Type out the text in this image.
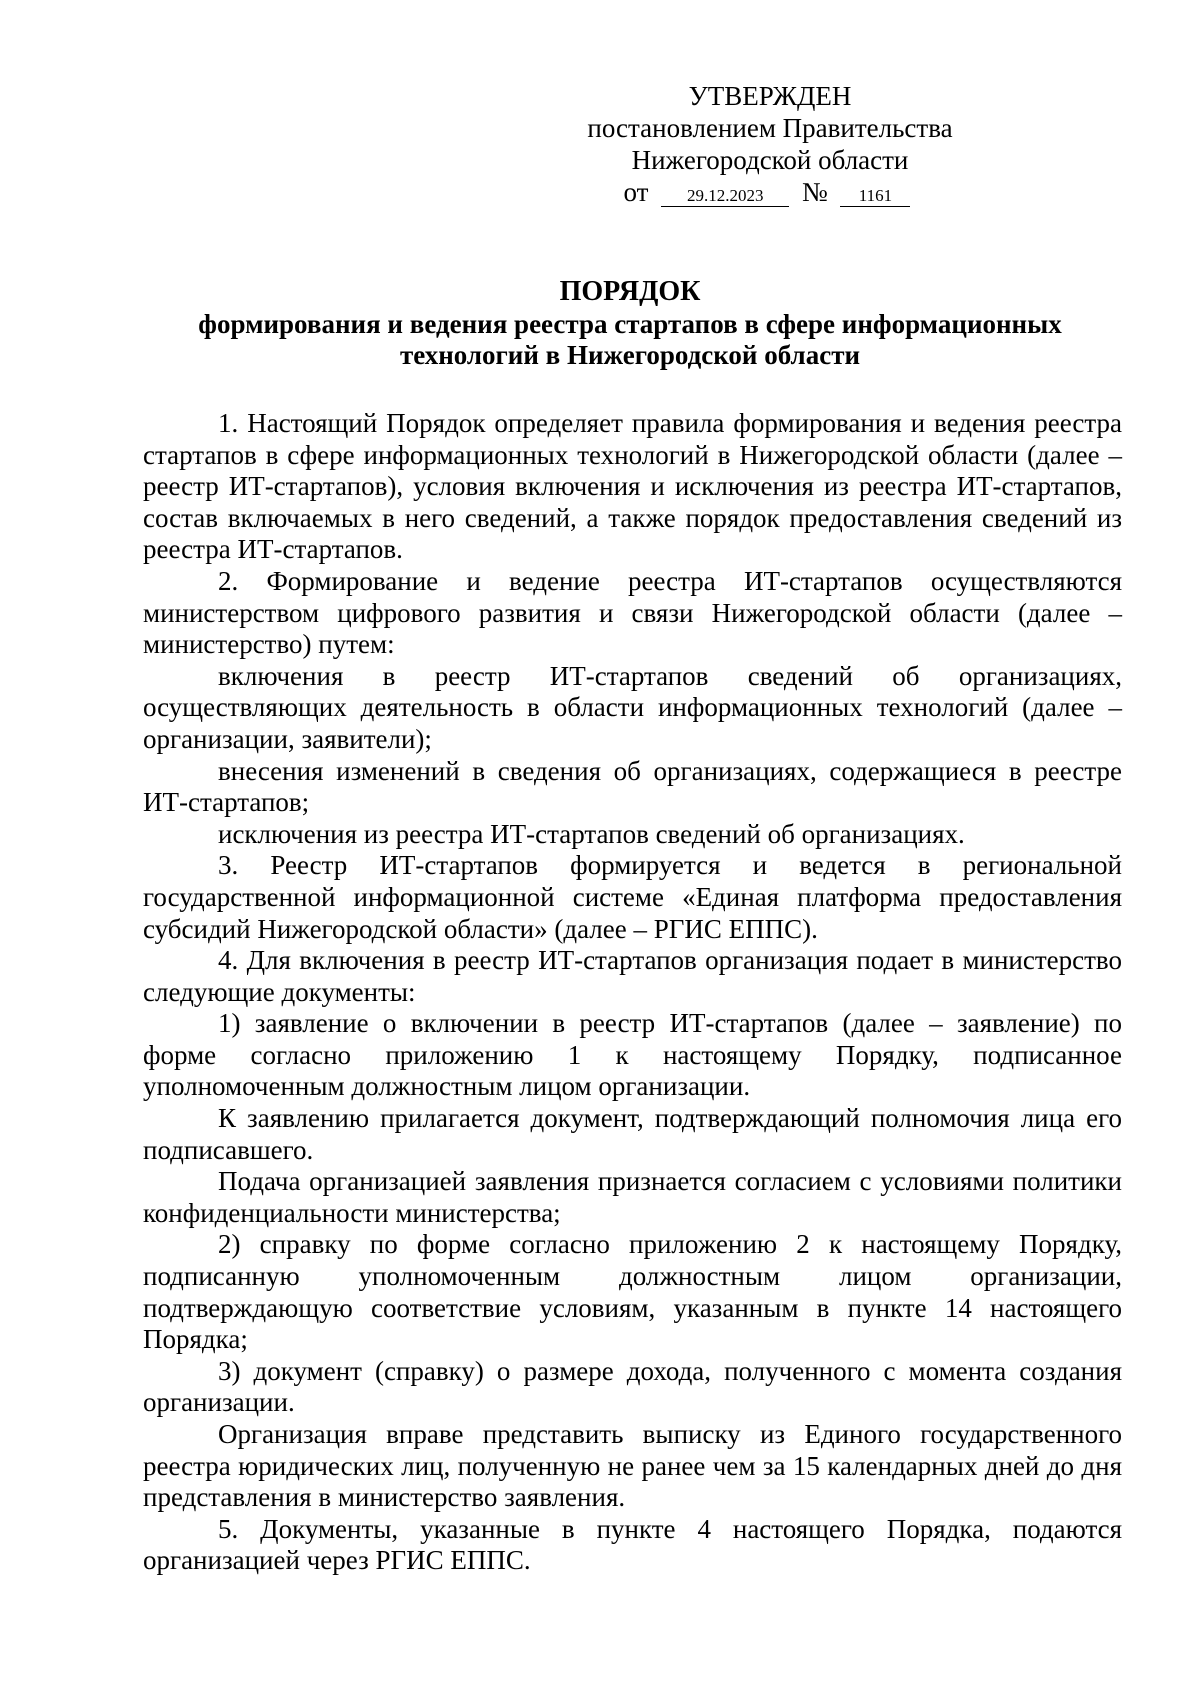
УТВЕРЖДЕН
постановлением Правительства
Нижегородской области
от 29.12.2023 № 1161
ПОРЯДОК
формирования и ведения реестра стартапов в сфере информационных технологий в Нижегородской области

1. Настоящий Порядок определяет правила формирования и ведения реестра стартапов в сфере информационных технологий в Нижегородской области (далее – реестр ИТ-стартапов), условия включения и исключения из реестра ИТ-стартапов, состав включаемых в него сведений, а также порядок предоставления сведений из реестра ИТ-стартапов.

2. Формирование и ведение реестра ИТ-стартапов осуществляются министерством цифрового развития и связи Нижегородской области (далее – министерство) путем:

включения в реестр ИТ-стартапов сведений об организациях, осуществляющих деятельность в области информационных технологий (далее – организации, заявители);

внесения изменений в сведения об организациях, содержащиеся в реестре ИТ-стартапов;

исключения из реестра ИТ-стартапов сведений об организациях.

3. Реестр ИТ-стартапов формируется и ведется в региональной государственной информационной системе «Единая платформа предоставления субсидий Нижегородской области» (далее – РГИС ЕППС).

4. Для включения в реестр ИТ-стартапов организация подает в министерство следующие документы:

1) заявление о включении в реестр ИТ-стартапов (далее – заявление) по форме согласно приложению 1 к настоящему Порядку, подписанное уполномоченным должностным лицом организации.

К заявлению прилагается документ, подтверждающий полномочия лица его подписавшего.

Подача организацией заявления признается согласием с условиями политики конфиденциальности министерства;

2) справку по форме согласно приложению 2 к настоящему Порядку, подписанную уполномоченным должностным лицом организации, подтверждающую соответствие условиям, указанным в пункте 14 настоящего Порядка;

3) документ (справку) о размере дохода, полученного с момента создания организации.

Организация вправе представить выписку из Единого государственного реестра юридических лиц, полученную не ранее чем за 15 календарных дней до дня представления в министерство заявления.

5. Документы, указанные в пункте 4 настоящего Порядка, подаются организацией через РГИС ЕППС.
